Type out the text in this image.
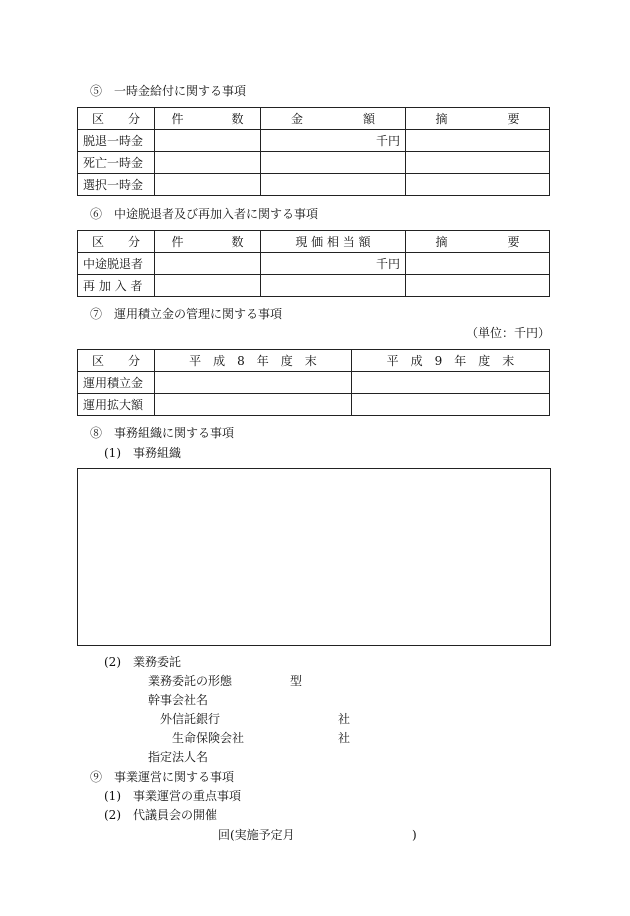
⑤　一時金給付に関する事項
区　　分	件　　　　数	金　　　　　額	摘　　　　　要
脱退一時金		千円	
死亡一時金			
選択一時金			
⑥　中途脱退者及び再加入者に関する事項
区　　分	件　　　　数	現 価 相 当 額	摘　　　　　要
中途脱退者		千円	
再 加 入 者			
⑦　運用積立金の管理に関する事項
（単位：千円）
区　　分	平　成　8　年　度　末	平　成　9　年　度　末
運用積立金		
運用拡大額		
⑧　事務組織に関する事項
(1)　事務組織
(2)　業務委託
業務委託の形態	型
幹事会社名
外信託銀行	社
生命保険会社	社
指定法人名
⑨　事業運営に関する事項
(1)　事業運営の重点事項
(2)　代議員会の開催
回(実施予定月	)
